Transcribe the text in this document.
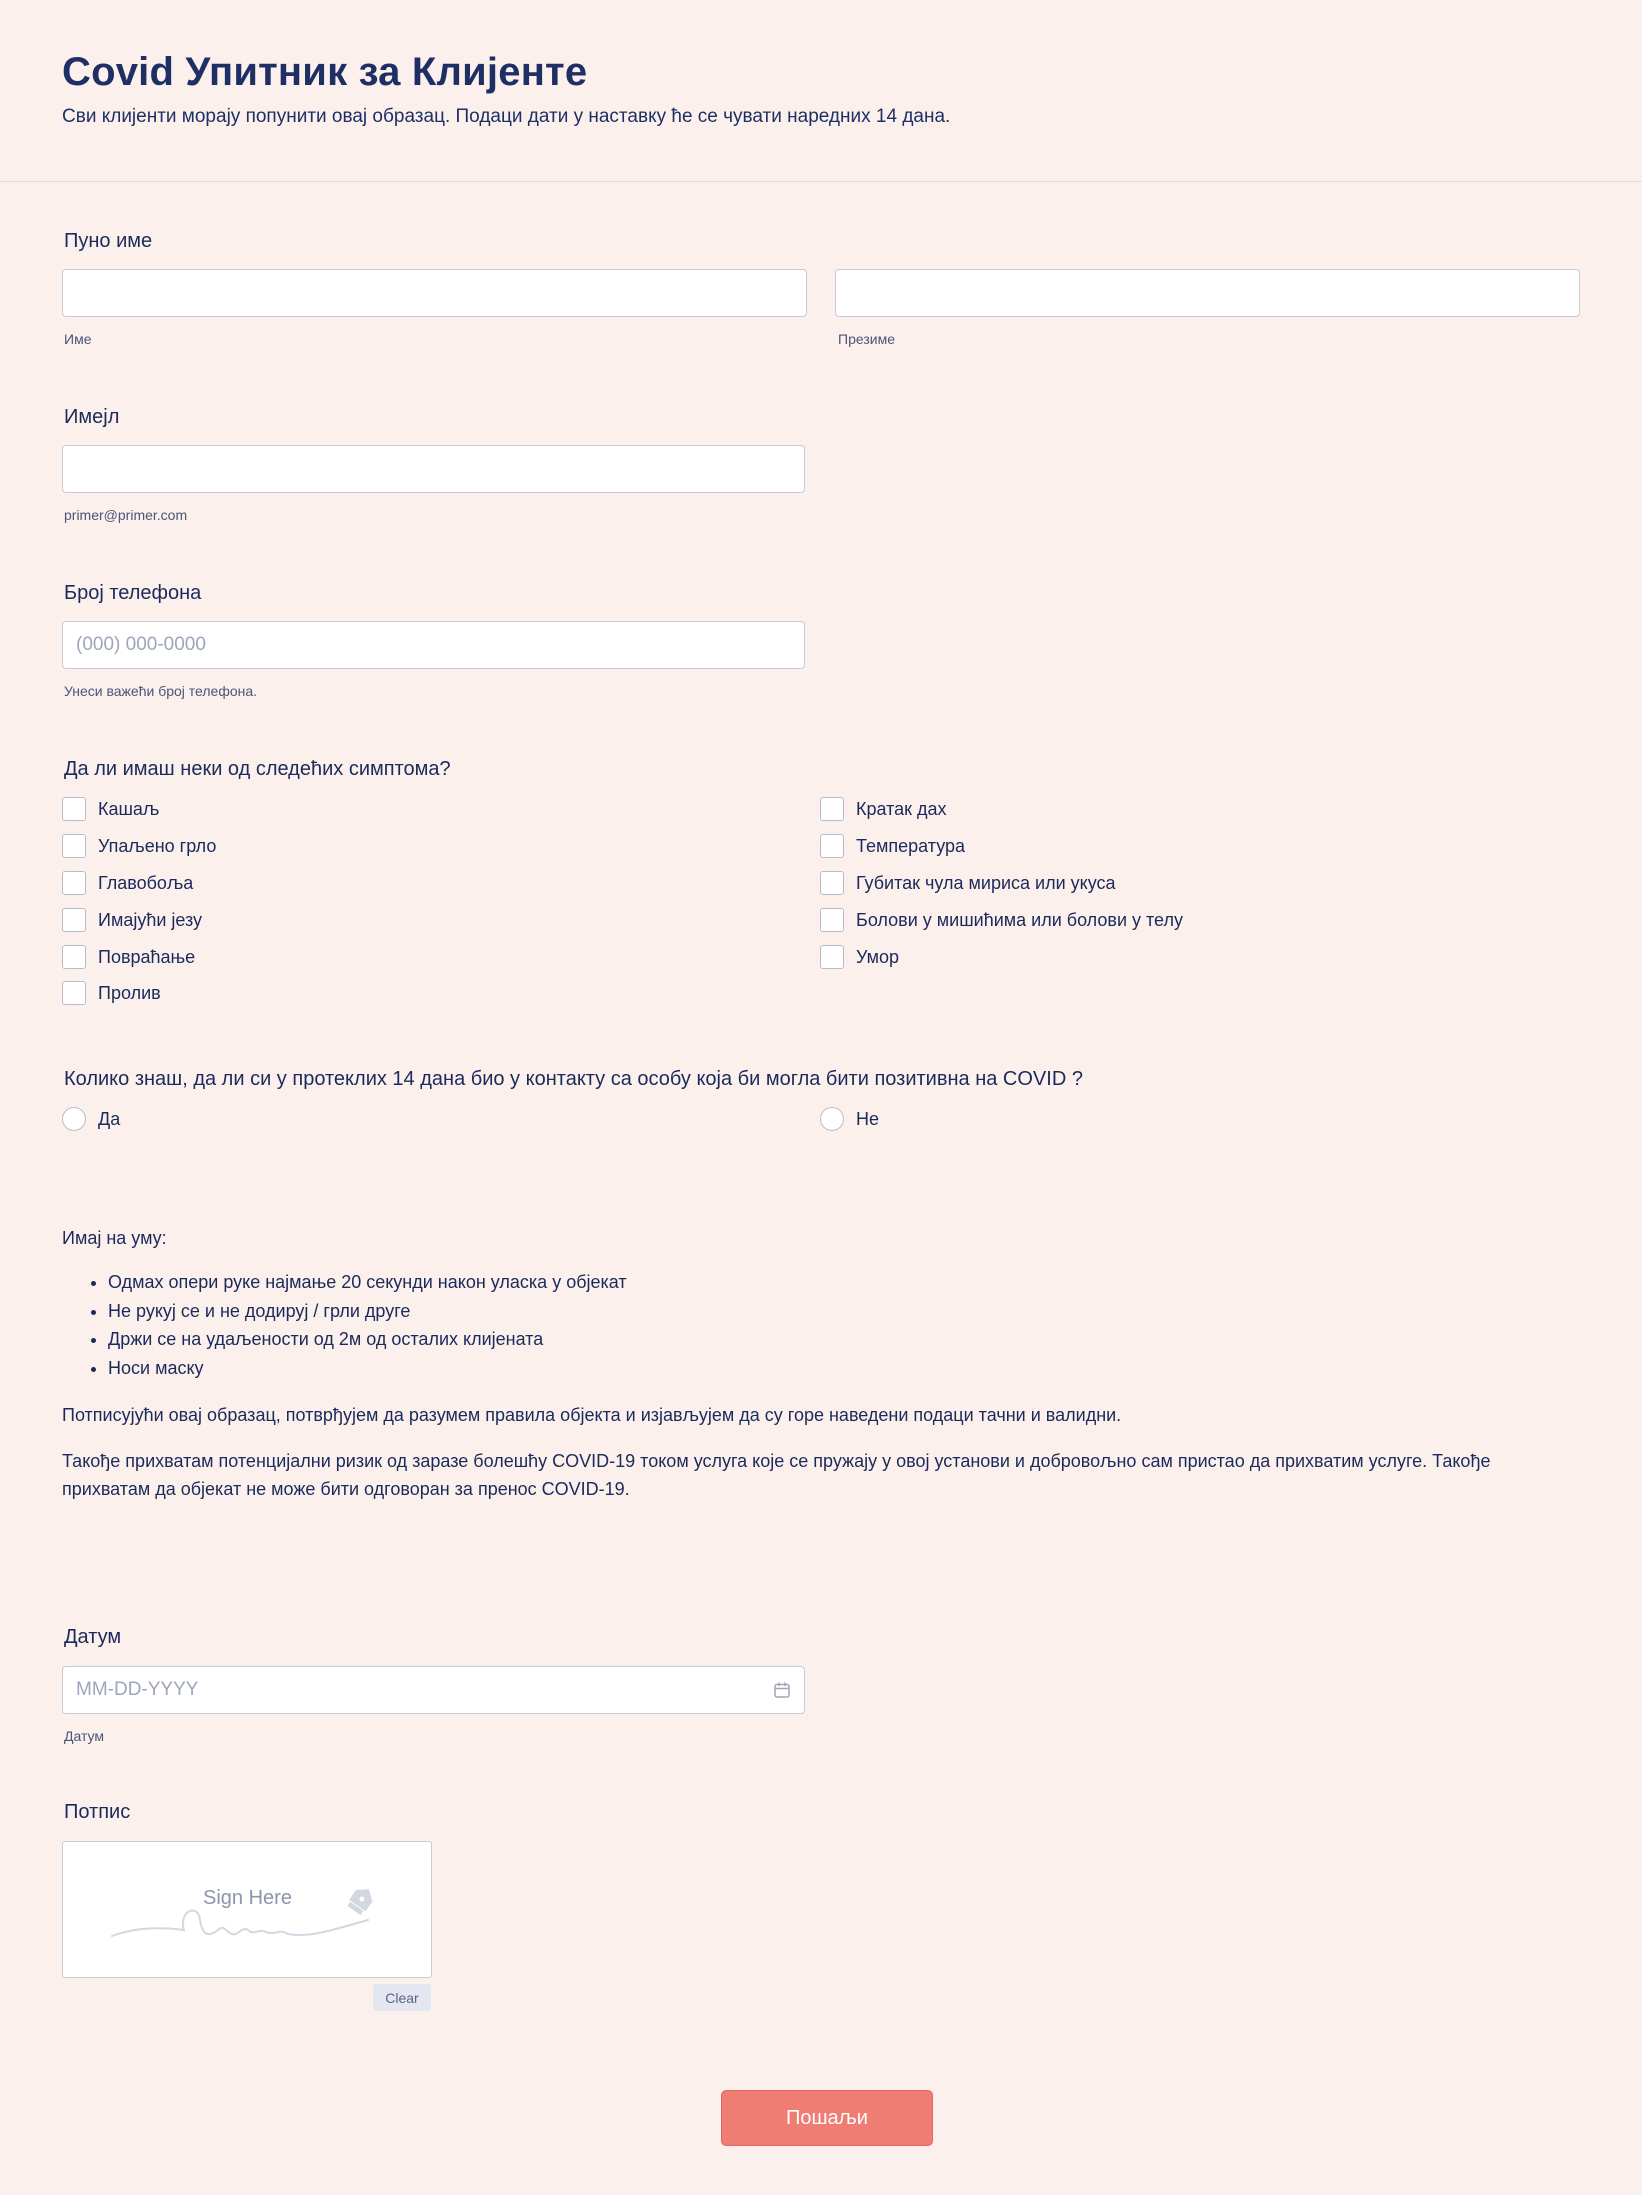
Covid Упитник за Клијенте
Сви клијенти морају попунити овај образац. Подаци дати у наставку ће се чувати наредних 14 дана.
Пуно име
Име	Презиме
Имејл
primer@primer.com
Број телефона
(000) 000-0000
Унеси важећи број телефона.
Да ли имаш неки од следећих симптома?
Кашаљ
Упаљено грло
Главобоља
Имајући језу
Повраћање
Пролив
Кратак дах
Температура
Губитак чула мириса или укуса
Болови у мишићима или болови у телу
Умор
Колико знаш, да ли си у протеклих 14 дана био у контакту са особу која би могла бити позитивна на COVID ?
Да	Не
Имај на уму:
• Одмах опери руке најмање 20 секунди након уласка у објекат
• Не рукуј се и не додируј / грли друге
• Држи се на удаљености од 2м од осталих клијената
• Носи маску
Потписујући овај образац, потврђујем да разумем правила објекта и изјављујем да су горе наведени подаци тачни и валидни.
Такође прихватам потенцијални ризик од заразе болешћу COVID-19 током услуга које се пружају у овој установи и добровољно сам пристао да прихватим услуге. Такође прихватам да објекат не може бити одговоран за пренос COVID-19.
Датум
MM-DD-YYYY
Датум
Потпис
Sign Here
Clear
Пошаљи
